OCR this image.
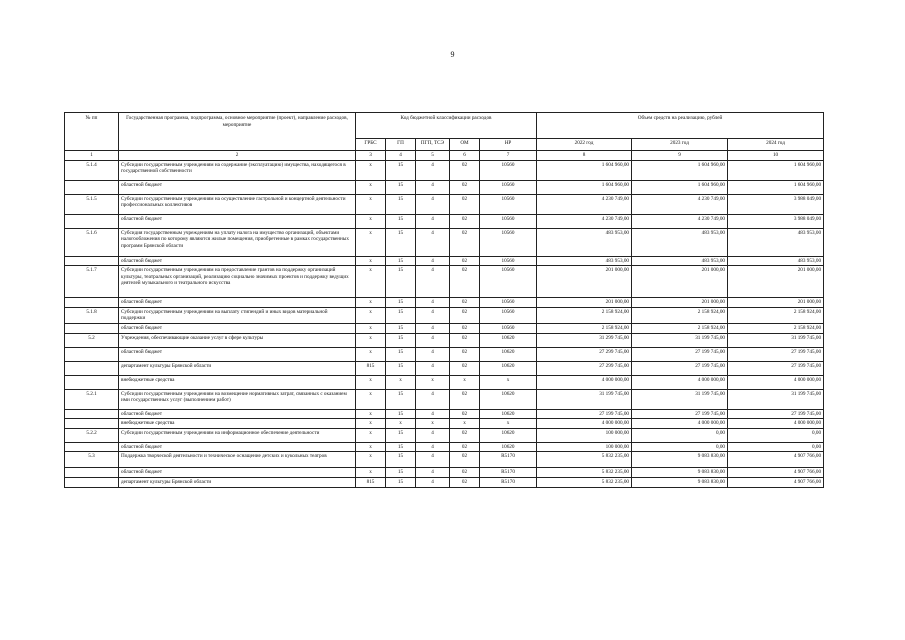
9
№ пп	Государственная программа, подпрограмма, основное мероприятие (проект), направление расходов, мероприятие	Код бюджетной классификации расходов					Объем средств на реализацию, рублей		
		ГРБС	ГП	ПГП, ТСЭ	ОМ	НР	2022 год	2023 год	2024 год
1	2	3	4	5	6	7	8	9	10
5.1.4	Субсидии государственным учреждениям на содержание (эксплуатацию) имущества, находящегося в государственной собственности	x	15	4	02	10560	1 604 960,00	1 604 960,00	1 604 960,00
	областной бюджет	x	15	4	02	10560	1 604 960,00	1 604 960,00	1 604 960,00
5.1.5	Субсидии государственным учреждениям на осуществление гастрольной и концертной деятельности профессиональных коллективов	x	15	4	02	10560	4 230 749,00	4 230 749,00	3 988 049,00
	областной бюджет	x	15	4	02	10560	4 230 749,00	4 230 749,00	3 988 049,00
5.1.6	Субсидия государственным учреждениям на уплату налога на имущество организаций, объектами налогообложения по которому являются жилые помещения, приобретенные в рамках государственных программ Брянской области	x	15	4	02	10560	483 953,00	483 953,00	483 953,00
	областной бюджет	x	15	4	02	10560	483 953,00	483 953,00	483 953,00
5.1.7	Субсидии государственным учреждениям на предоставление грантов на поддержку организаций культуры, театральных организаций, реализацию социально значимых проектов и поддержку ведущих деятелей музыкального и театрального искусства	x	15	4	02	10560	201 000,00	201 000,00	201 000,00
	областной бюджет	x	15	4	02	10560	201 000,00	201 000,00	201 000,00
5.1.8	Субсидии государственным учреждениям на выплату стипендий и иных видов материальной поддержки	x	15	4	02	10560	2 158 924,00	2 158 924,00	2 158 924,00
	областной бюджет	x	15	4	02	10560	2 158 924,00	2 158 924,00	2 158 924,00
5.2	Учреждения, обеспечивающие оказание услуг в сфере культуры	x	15	4	02	10620	31 299 745,00	31 199 745,00	31 199 745,00
	областной бюджет	x	15	4	02	10620	27 299 745,00	27 199 745,00	27 199 745,00
	департамент культуры Брянской области	815	15	4	02	10620	27 299 745,00	27 199 745,00	27 199 745,00
	внебюджетные средства	x	x	x	x	x	4 000 000,00	4 000 000,00	4 000 000,00
5.2.1	Субсидии государственным учреждениям на возмещение нормативных затрат, связанных с оказанием ими государственных услуг (выполнением работ)	x	15	4	02	10620	31 199 745,00	31 199 745,00	31 199 745,00
	областной бюджет	x	15	4	02	10620	27 199 745,00	27 199 745,00	27 199 745,00
	внебюджетные средства	x	x	x	x	x	4 000 000,00	4 000 000,00	4 000 000,00
5.2.2	Субсидии государственным учреждениям на информационное обеспечение деятельности	x	15	4	02	10620	100 000,00	0,00	0,00
	областной бюджет	x	15	4	02	10620	100 000,00	0,00	0,00
5.3	Поддержка творческой деятельности и техническое оснащение детских и кукольных театров	x	15	4	02	R5170	5 832 235,00	9 083 830,00	4 907 766,00
	областной бюджет	x	15	4	02	R5170	5 832 235,00	9 083 830,00	4 907 766,00
	департамент культуры Брянской области	815	15	4	02	R5170	5 832 235,00	9 083 830,00	4 907 766,00
